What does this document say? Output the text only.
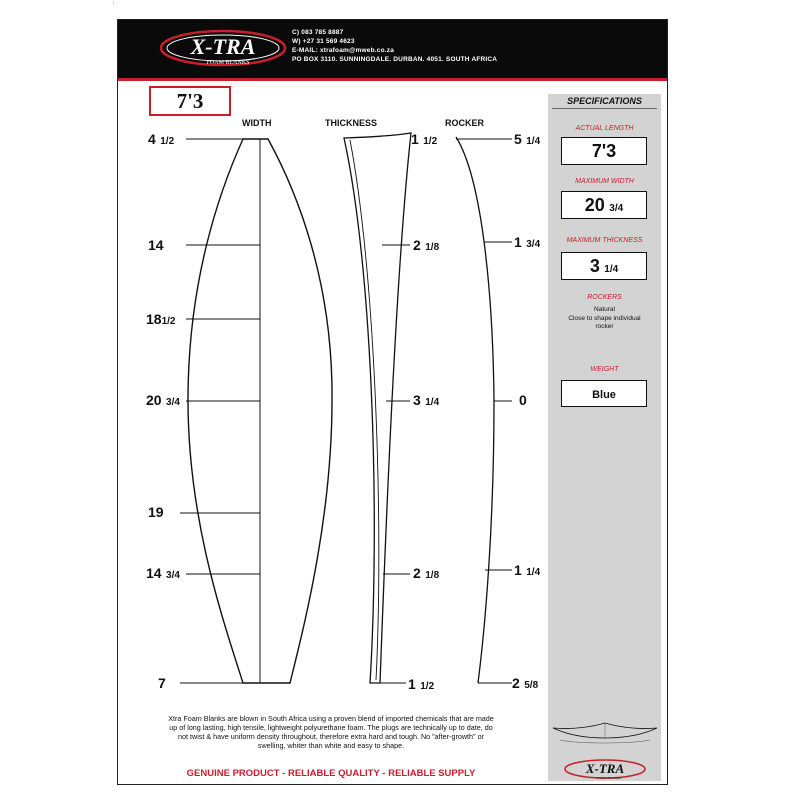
′
X-TRA
FOAM BLANKS
C) 083 785 8887
W) +27 31 569 4623
E-MAIL: xtrafoam@mweb.co.za
PO BOX 3110. SUNNINGDALE. DURBAN. 4051. SOUTH AFRICA
7'3
WIDTH	THICKNESS	ROCKER
4 1/2
14
181/2
20 3/4
19
14 3/4
7
1 1/2
2 1/8
3 1/4
2 1/8
1 1/2
5 1/4
1 3/4
0
1 1/4
2 5/8
SPECIFICATIONS
ACTUAL LENGTH
7'3
MAXIMUM WIDTH
20 3/4
MAXIMUM THICKNESS
3 1/4
ROCKERS
Natural
Close to shape individual rocker
WEIGHT
Blue
X-TRA
FOAM BLANKS
Xtra Foam Blanks are blown in South Africa using a proven blend of imported chemicals that are made up of long lasting, high tensile, lightweight polyurethane foam. The plugs are technically up to date, do not twist & have uniform density throughout, therefore extra hard and tough. No "after-growth" or swelling, whiter than white and easy to shape.
GENUINE PRODUCT - RELIABLE QUALITY - RELIABLE SUPPLY
